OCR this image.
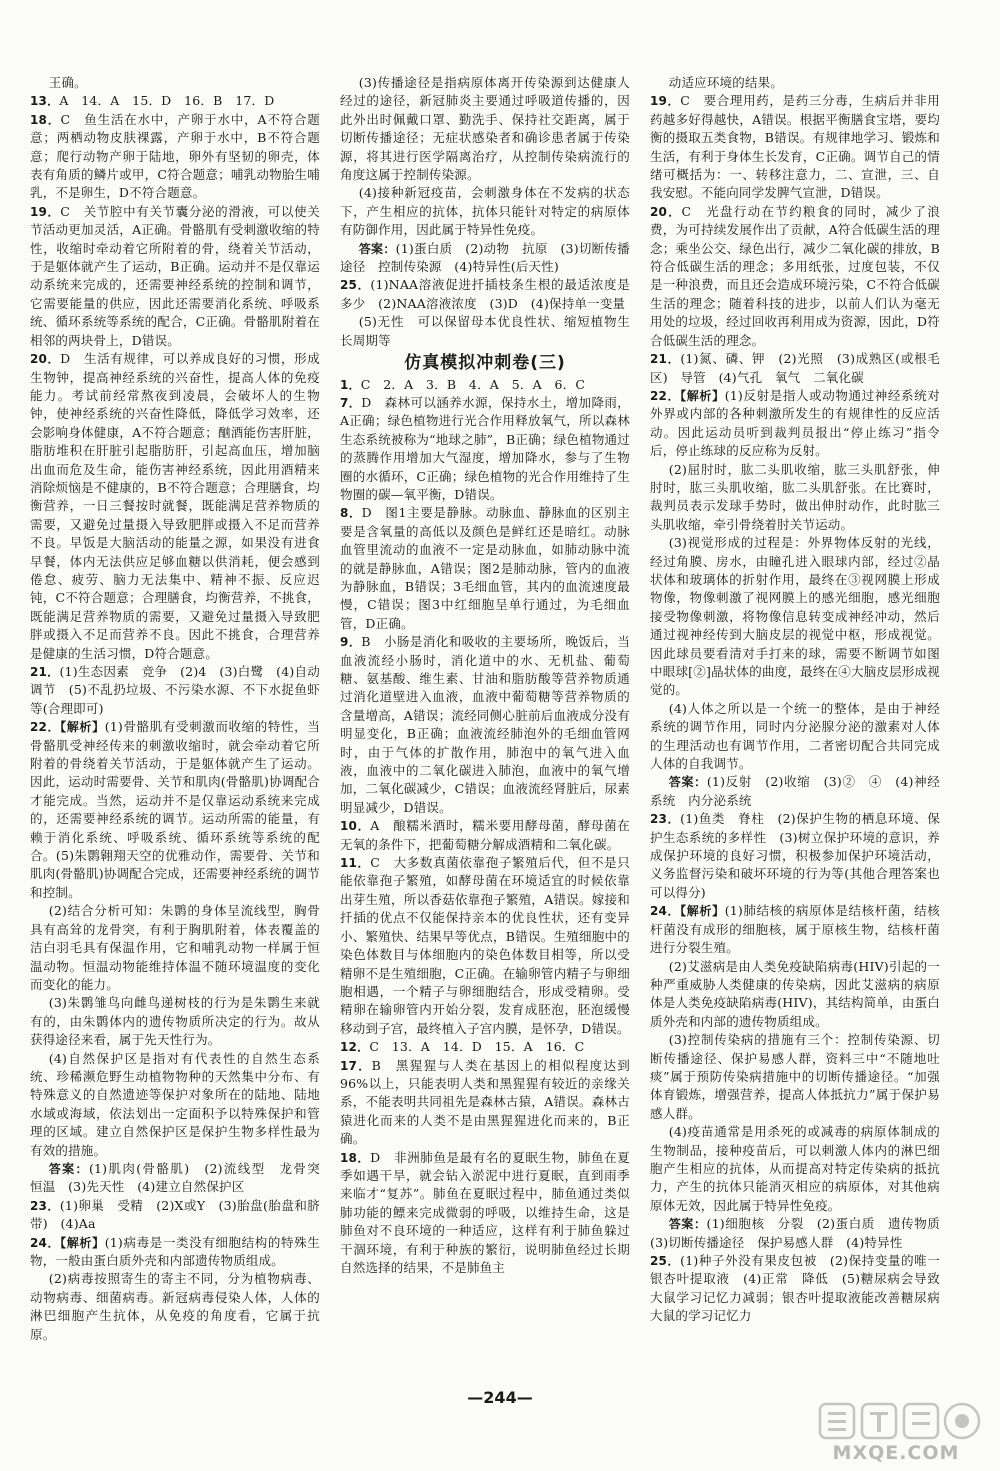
王确。

13．A　14．A　15．D　16．B　17．D

18．C　鱼生活在水中，产卵于水中，A不符合题意；两栖动物皮肤裸露，产卵于水中，B不符合题意；爬行动物产卵于陆地，卵外有坚韧的卵壳，体表有角质的鳞片或甲，C符合题意；哺乳动物胎生哺乳，不是卵生，D不符合题意。

19．C　关节腔中有关节囊分泌的滑液，可以使关节活动更加灵活，A正确。骨骼肌有受刺激收缩的特性，收缩时牵动着它所附着的骨，绕着关节活动，于是躯体就产生了运动，B正确。运动并不是仅靠运动系统来完成的，还需要神经系统的控制和调节，它需要能量的供应，因此还需要消化系统、呼吸系统、循环系统等系统的配合，C正确。骨骼肌附着在相邻的两块骨上，D错误。

20．D　生活有规律，可以养成良好的习惯，形成生物钟，提高神经系统的兴奋性，提高人体的免疫能力。考试前经常熬夜到凌晨，会破坏人的生物钟，使神经系统的兴奋性降低，降低学习效率，还会影响身体健康，A不符合题意；酗酒能伤害肝脏，脂肪堆积在肝脏引起脂肪肝，引起高血压，增加脑出血而危及生命，能伤害神经系统，因此用酒精来消除烦恼是不健康的，B不符合题意；合理膳食，均衡营养，一日三餐按时就餐，既能满足营养物质的需要，又避免过量摄入导致肥胖或摄入不足而营养不良。早饭是大脑活动的能量之源，如果没有进食早餐，体内无法供应足够血糖以供消耗，便会感到倦怠、疲劳、脑力无法集中、精神不振、反应迟钝，C不符合题意；合理膳食，均衡营养，不挑食，既能满足营养物质的需要，又避免过量摄入导致肥胖或摄入不足而营养不良。因此不挑食，合理营养是健康的生活习惯，D符合题意。

21．(1)生态因素　竞争　(2)4　(3)白鹭　(4)自动调节　(5)不乱扔垃圾、不污染水源、不下水捉鱼虾等(合理即可)

22．【解析】(1)骨骼肌有受刺激而收缩的特性，当骨骼肌受神经传来的刺激收缩时，就会牵动着它所附着的骨绕着关节活动，于是躯体就产生了运动。因此，运动时需要骨、关节和肌肉(骨骼肌)协调配合才能完成。当然，运动并不是仅靠运动系统来完成的，还需要神经系统的调节。运动所需的能量，有赖于消化系统、呼吸系统、循环系统等系统的配合。(5)朱鹮翱翔天空的优雅动作，需要骨、关节和肌肉(骨骼肌)协调配合完成，还需要神经系统的调节和控制。

(2)结合分析可知：朱鹮的身体呈流线型，胸骨具有高耸的龙骨突，有利于胸肌附着，体表覆盖的洁白羽毛具有保温作用，它和哺乳动物一样属于恒温动物。恒温动物能维持体温不随环境温度的变化而变化的能力。

(3)朱鹮雏鸟向雌鸟递树枝的行为是朱鹮生来就有的，由朱鹮体内的遗传物质所决定的行为。故从获得途径来看，属于先天性行为。

(4)自然保护区是指对有代表性的自然生态系统、珍稀濒危野生动植物物种的天然集中分布、有特殊意义的自然遗迹等保护对象所在的陆地、陆地水域或海域，依法划出一定面积予以特殊保护和管理的区域。建立自然保护区是保护生物多样性最为有效的措施。

答案：(1)肌肉(骨骼肌)　(2)流线型　龙骨突　恒温　(3)先天性　(4)建立自然保护区

23．(1)卵巢　受精　(2)X或Y　(3)胎盘(胎盘和脐带)　(4)Aa

24．【解析】(1)病毒是一类没有细胞结构的特殊生物，一般由蛋白质外壳和内部遗传物质组成。

(2)病毒按照寄生的寄主不同，分为植物病毒、动物病毒、细菌病毒。新冠病毒侵染人体，人体的淋巴细胞产生抗体，从免疫的角度看，它属于抗原。

(3)传播途径是指病原体离开传染源到达健康人经过的途径，新冠肺炎主要通过呼吸道传播的，因此外出时佩戴口罩、勤洗手、保持社交距离，属于切断传播途径；无症状感染者和确诊患者属于传染源，将其进行医学隔离治疗，从控制传染病流行的角度这属于控制传染源。

(4)接种新冠疫苗，会刺激身体在不发病的状态下，产生相应的抗体，抗体只能针对特定的病原体有防御作用，因此属于特异性免疫。

答案：(1)蛋白质　(2)动物　抗原　(3)切断传播途径　控制传染源　(4)特异性(后天性)

25．(1)NAA溶液促进扦插枝条生根的最适浓度是多少　(2)NAA溶液浓度　(3)D　(4)保持单一变量

(5)无性　可以保留母本优良性状、缩短植物生长周期等

仿真模拟冲刺卷(三)

1．C　2．A　3．B　4．A　5．A　6．C

7．D　森林可以涵养水源，保持水土，增加降雨，A正确；绿色植物进行光合作用释放氧气，所以森林生态系统被称为“地球之肺”，B正确；绿色植物通过的蒸腾作用增加大气湿度，增加降水，参与了生物圈的水循环，C正确；绿色植物的光合作用维持了生物圈的碳—氧平衡，D错误。

8．D　图1主要是静脉。动脉血、静脉血的区别主要是含氧量的高低以及颜色是鲜红还是暗红。动脉血管里流动的血液不一定是动脉血，如肺动脉中流的就是静脉血，A错误；图2是肺动脉，管内的血液为静脉血，B错误；3毛细血管，其内的血流速度最慢，C错误；图3中红细胞呈单行通过，为毛细血管，D正确。

9．B　小肠是消化和吸收的主要场所，晚饭后，当血液流经小肠时，消化道中的水、无机盐、葡萄糖、氨基酸、维生素、甘油和脂肪酸等营养物质通过消化道壁进入血液，血液中葡萄糖等营养物质的含量增高，A错误；流经同侧心脏前后血液成分没有明显变化，B正确；血液流经肺泡外的毛细血管网时，由于气体的扩散作用，肺泡中的氧气进入血液，血液中的二氧化碳进入肺泡，血液中的氧气增加，二氧化碳减少，C错误；血液流经肾脏后，尿素明显减少，D错误。

10．A　酿糯米酒时，糯米要用酵母菌，酵母菌在无氧的条件下，把葡萄糖分解成酒精和二氧化碳。

11．C　大多数真菌依靠孢子繁殖后代，但不是只能依靠孢子繁殖，如酵母菌在环境适宜的时候依靠出芽生殖，所以香菇依靠孢子繁殖，A错误。嫁接和扦插的优点不仅能保持亲本的优良性状，还有变异小、繁殖快、结果早等优点，B错误。生殖细胞中的染色体数目与体细胞内的染色体数目相等，所以受精卵不是生殖细胞，C正确。在输卵管内精子与卵细胞相遇，一个精子与卵细胞结合，形成受精卵。受精卵在输卵管内开始分裂，发育成胚泡，胚泡缓慢移动到子宫，最终植入子宫内膜，是怀孕，D错误。

12．C　13．A　14．D　15．A　16．C

17．B　黑猩猩与人类在基因上的相似程度达到96%以上，只能表明人类和黑猩猩有较近的亲缘关系，不能表明共同祖先是森林古猿，A错误。森林古猿进化而来的人类不是由黑猩猩进化而来的，B正确。

18．D　非洲肺鱼是最有名的夏眠生物，肺鱼在夏季如遇干旱，就会钻入淤泥中进行夏眠，直到雨季来临才“复苏”。肺鱼在夏眠过程中，肺鱼通过类似肺功能的鳔来完成微弱的呼吸，以维持生命，这是肺鱼对不良环境的一种适应，这样有利于肺鱼躲过干涸环境，有利于种族的繁衍，说明肺鱼经过长期自然选择的结果，不是肺鱼主

动适应环境的结果。

19．C　要合理用药，是药三分毒，生病后并非用药越多好得越快，A错误。根据平衡膳食宝塔，要均衡的摄取五类食物，B错误。有规律地学习、锻炼和生活，有利于身体生长发育，C正确。调节自己的情绪可概括为：一、转移注意力，二、宣泄，三、自我安慰。不能向同学发脾气宣泄，D错误。

20．C　光盘行动在节约粮食的同时，减少了浪费，为可持续发展作出了贡献，A符合低碳生活的理念；乘坐公交、绿色出行，减少二氧化碳的排放，B符合低碳生活的理念；多用纸张，过度包装，不仅是一种浪费，而且还会造成环境污染，C不符合低碳生活的理念；随着科技的进步，以前人们认为毫无用处的垃圾，经过回收再利用成为资源，因此，D符合低碳生活的理念。

21．(1)氮、磷、钾　(2)光照　(3)成熟区(或根毛区)　导管　(4)气孔　氧气　二氧化碳

22．【解析】(1)反射是指人或动物通过神经系统对外界或内部的各种刺激所发生的有规律性的反应活动。因此运动员听到裁判员报出“停止练习”指令后，停止练球的反应称为反射。

(2)屈肘时，肱二头肌收缩，肱三头肌舒张，伸肘时，肱三头肌收缩，肱二头肌舒张。在比赛时，裁判员表示发球手势时，做出伸肘动作，此时肱三头肌收缩，牵引骨绕着肘关节运动。

(3)视觉形成的过程是：外界物体反射的光线，经过角膜、房水，由瞳孔进入眼球内部，经过②晶状体和玻璃体的折射作用，最终在③视网膜上形成物像，物像刺激了视网膜上的感光细胞，感光细胞接受物像刺激，将物像信息转变成神经冲动，然后通过视神经传到大脑皮层的视觉中枢，形成视觉。因此球员要看清对手打来的球，需要不断调节如图中眼球[②]晶状体的曲度，最终在④大脑皮层形成视觉的。

(4)人体之所以是一个统一的整体，是由于神经系统的调节作用，同时内分泌腺分泌的激素对人体的生理活动也有调节作用，二者密切配合共同完成人体的自我调节。

答案：(1)反射　(2)收缩　(3)②　④　(4)神经系统　内分泌系统

23．(1)鱼类　脊柱　(2)保护生物的栖息环境、保护生态系统的多样性　(3)树立保护环境的意识，养成保护环境的良好习惯，积极参加保护环境活动，义务监督污染和破坏环境的行为等(其他合理答案也可以得分)

24．【解析】(1)肺结核的病原体是结核杆菌，结核杆菌没有成形的细胞核，属于原核生物，结核杆菌进行分裂生殖。

(2)艾滋病是由人类免疫缺陷病毒(HIV)引起的一种严重威胁人类健康的传染病，因此艾滋病的病原体是人类免疫缺陷病毒(HIV)，其结构简单，由蛋白质外壳和内部的遗传物质组成。

(3)控制传染病的措施有三个：控制传染源、切断传播途径、保护易感人群，资料三中“不随地吐痰”属于预防传染病措施中的切断传播途径。“加强体育锻炼，增强营养，提高人体抵抗力”属于保护易感人群。

(4)疫苗通常是用杀死的或减毒的病原体制成的生物制品，接种疫苗后，可以刺激人体内的淋巴细胞产生相应的抗体，从而提高对特定传染病的抵抗力，产生的抗体只能消灭相应的病原体，对其他病原体无效，因此属于特异性免疫。

答案：(1)细胞核　分裂　(2)蛋白质　遗传物质　(3)切断传播途径　保护易感人群　(4)特异性

25．(1)种子外没有果皮包被　(2)保持变量的唯一　银杏叶提取液　(4)正常　降低　(5)糖尿病会导致大鼠学习记忆力减弱；银杏叶提取液能改善糖尿病大鼠的学习记忆力

—244—
MXQE.COM
